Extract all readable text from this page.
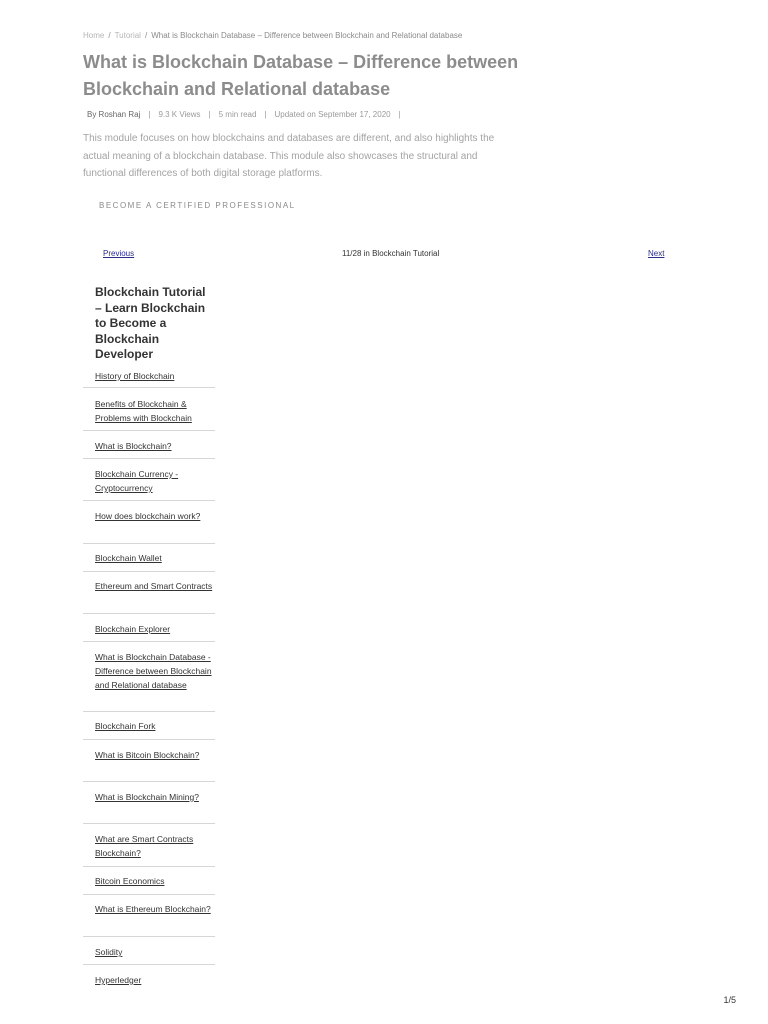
Home / Tutorial / What is Blockchain Database – Difference between Blockchain and Relational database
What is Blockchain Database – Difference between Blockchain and Relational database
By Roshan Raj | 9.3 K Views | 5 min read | Updated on September 17, 2020 |

This module focuses on how blockchains and databases are different, and also highlights the actual meaning of a blockchain database. This module also showcases the structural and functional differences of both digital storage platforms.

BECOME A CERTIFIED PROFESSIONAL
Previous	11/28 in Blockchain Tutorial	Next
Blockchain Tutorial – Learn Blockchain to Become a Blockchain Developer
History of Blockchain
Benefits of Blockchain & Problems with Blockchain
What is Blockchain?
Blockchain Currency - Cryptocurrency
How does blockchain work?
Blockchain Wallet
Ethereum and Smart Contracts
Blockchain Explorer
What is Blockchain Database - Difference between Blockchain and Relational database
Blockchain Fork
What is Bitcoin Blockchain?
What is Blockchain Mining?
What are Smart Contracts Blockchain?
Bitcoin Economics
What is Ethereum Blockchain?
Solidity
Hyperledger
1/5
